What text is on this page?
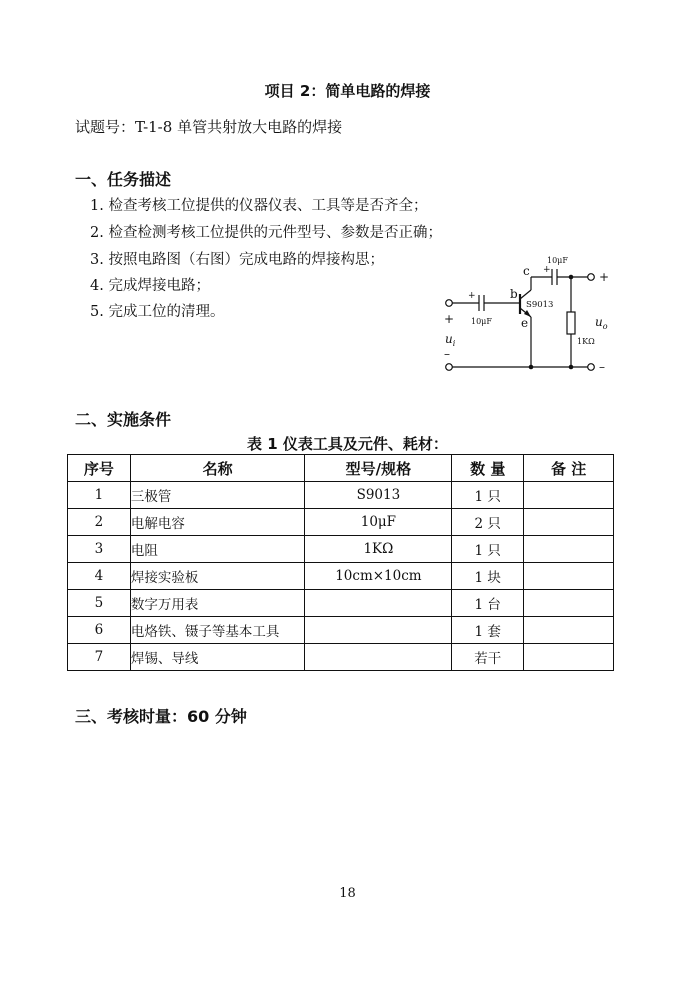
项目 2：简单电路的焊接
试题号：T-1-8 单管共射放大电路的焊接
一、任务描述
1. 检查考核工位提供的仪器仪表、工具等是否齐全；
2. 检查检测考核工位提供的元件型号、参数是否正确；
3. 按照电路图（右图）完成电路的焊接构思；
4. 完成焊接电路；
5. 完成工位的清理。
+
10μF
+
10μF
c
b
e
S9013
1KΩ
+
–
$u_i$
+
–
$u_o$
二、实施条件
表 1 仪表工具及元件、耗材：
序号	名称	型号/规格	数 量	备 注
1	三极管	S9013	1 只	
2	电解电容	10μF	2 只	
3	电阻	1KΩ	1 只	
4	焊接实验板	10cm×10cm	1 块	
5	数字万用表		1 台	
6	电烙铁、镊子等基本工具		1 套	
7	焊锡、导线		若干	
三、考核时量：60 分钟
18
